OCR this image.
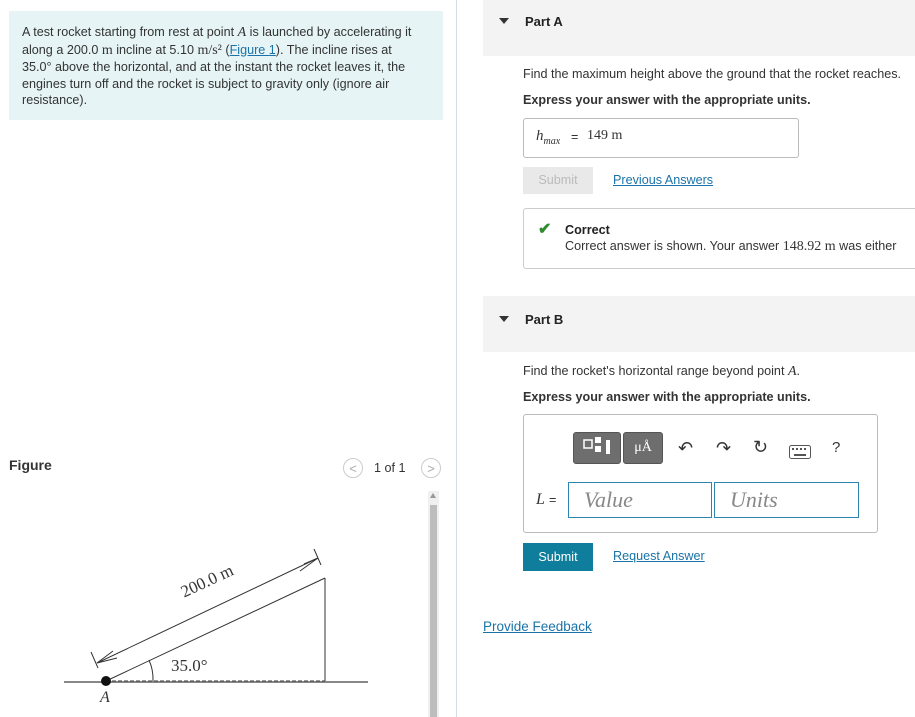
A test rocket starting from rest at point A is launched by accelerating it
along a 200.0 m incline at 5.10 m/s² (Figure 1). The incline rises at
35.0° above the horizontal, and at the instant the rocket leaves it, the
engines turn off and the rocket is subject to gravity only (ignore air
resistance).
Figure	<	1 of 1	>
200.0 m
35.0°
A
Part A
Find the maximum height above the ground that the rocket reaches.
Express your answer with the appropriate units.
$h_{max} = 149$ m
Submit	Previous Answers
✔ Correct
Correct answer is shown. Your answer 148.92 m was either
Part B
Find the rocket's horizontal range beyond point A.
Express your answer with the appropriate units.
μÅ	↶ ↷ ↻	?
L =	Value	Units
Submit	Request Answer
Provide Feedback
